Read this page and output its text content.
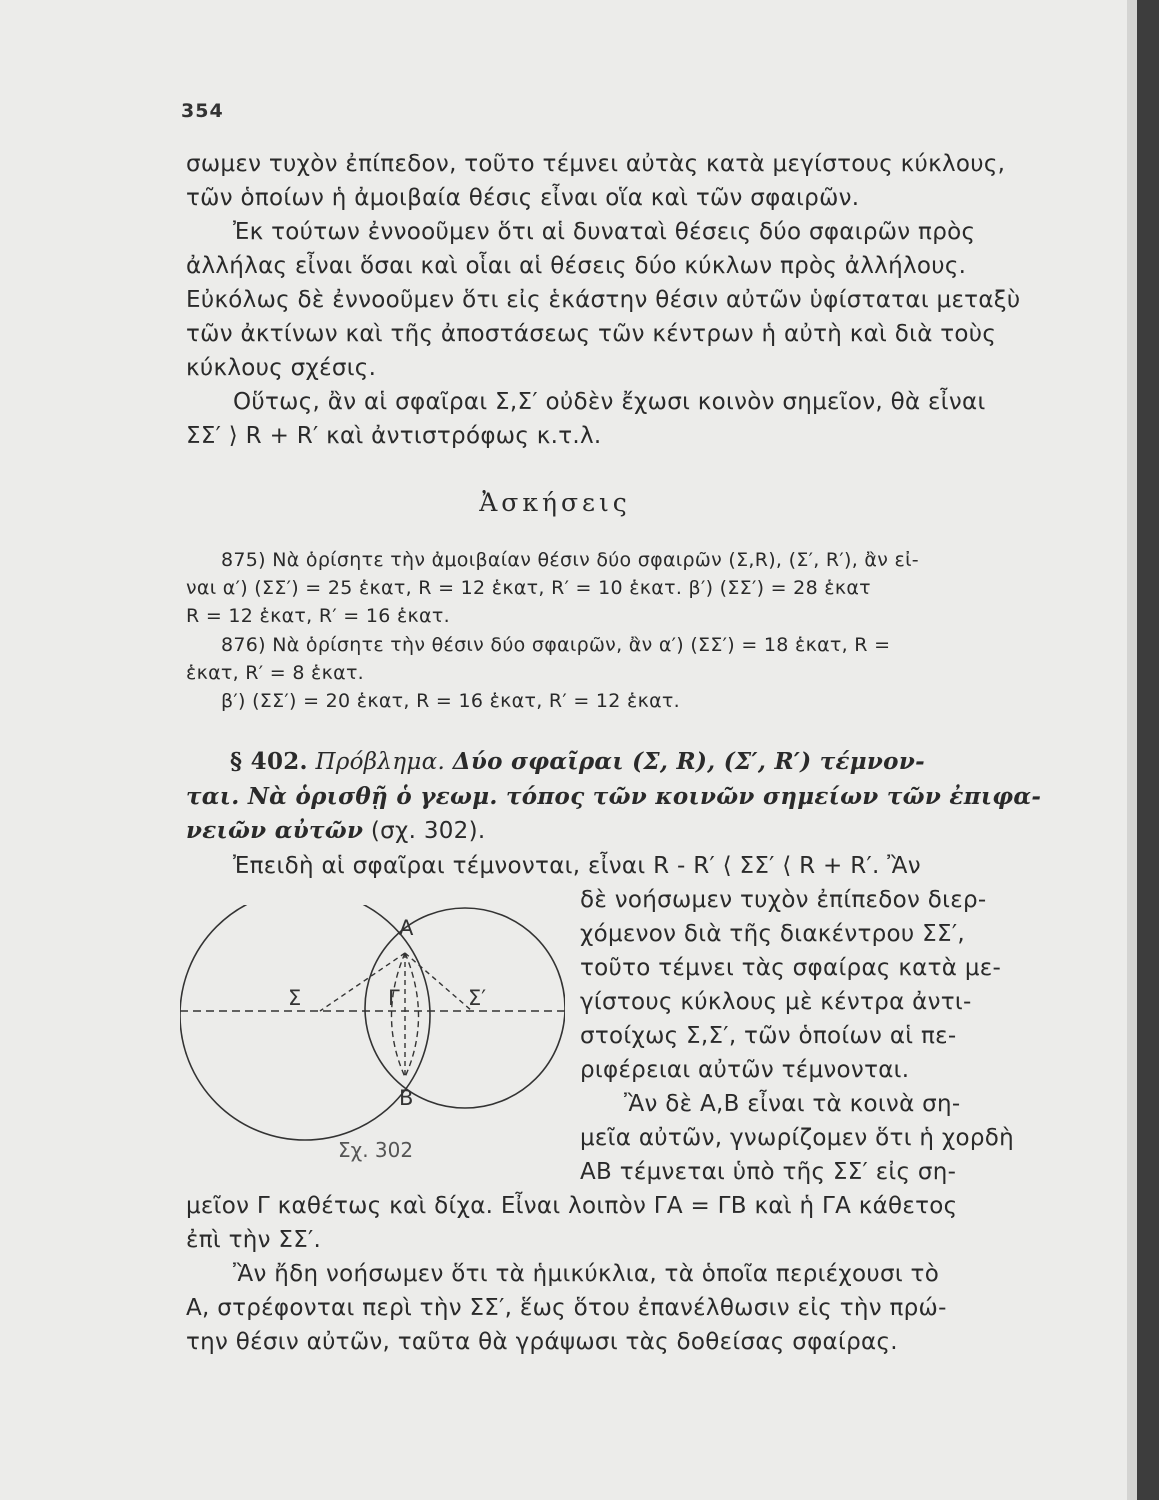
354
σωμεν τυχὸν ἐπίπεδον, τοῦτο τέμνει αὐτὰς κατὰ μεγίστους κύκλους,
τῶν ὁποίων ἡ ἀμοιβαία θέσις εἶναι οἵα καὶ τῶν σφαιρῶν.
Ἐκ τούτων ἐννοοῦμεν ὅτι αἱ δυναταὶ θέσεις δύο σφαιρῶν πρὸς
ἀλλήλας εἶναι ὅσαι καὶ οἷαι αἱ θέσεις δύο κύκλων πρὸς ἀλλήλους.
Εὐκόλως δὲ ἐννοοῦμεν ὅτι εἰς ἑκάστην θέσιν αὐτῶν ὑφίσταται μεταξὺ
τῶν ἀκτίνων καὶ τῆς ἀποστάσεως τῶν κέντρων ἡ αὐτὴ καὶ διὰ τοὺς
κύκλους σχέσις.
Οὕτως, ἂν αἱ σφαῖραι Σ,Σ′ οὐδὲν ἔχωσι κοινὸν σημεῖον, θὰ εἶναι
ΣΣ′ ⟩ R + R′ καὶ ἀντιστρόφως κ.τ.λ.
Ἀσκήσεις
875) Νὰ ὁρίσητε τὴν ἀμοιβαίαν θέσιν δύο σφαιρῶν (Σ,R), (Σ′, R′), ἂν εἰ-
ναι α′) (ΣΣ′) = 25 ἑκατ, R = 12 ἑκατ, R′ = 10 ἑκατ. β′) (ΣΣ′) = 28 ἑκατ
R = 12 ἑκατ, R′ = 16 ἑκατ.
876) Νὰ ὁρίσητε τὴν θέσιν δύο σφαιρῶν, ἂν α′) (ΣΣ′) = 18 ἑκατ, R =
ἑκατ, R′ = 8 ἑκατ.
β′) (ΣΣ′) = 20 ἑκατ, R = 16 ἑκατ, R′ = 12 ἑκατ.
§ 402. Πρόβλημα. Δύο σφαῖραι (Σ, R), (Σ′, R′) τέμνον-
ται. Νὰ ὁρισθῇ ὁ γεωμ. τόπος τῶν κοινῶν σημείων τῶν ἐπιφα-
νειῶν αὐτῶν (σχ. 302).
Ἐπειδὴ αἱ σφαῖραι τέμνονται, εἶναι R - R′ ⟨ ΣΣ′ ⟨ R + R′. Ἂν
δὲ νοήσωμεν τυχὸν ἐπίπεδον διερ-
χόμενον διὰ τῆς διακέντρου ΣΣ′,
τοῦτο τέμνει τὰς σφαίρας κατὰ με-
γίστους κύκλους μὲ κέντρα ἀντι-
στοίχως Σ,Σ′, τῶν ὁποίων αἱ πε-
ριφέρειαι αὐτῶν τέμνονται.
Ἂν δὲ Α,Β εἶναι τὰ κοινὰ ση-
μεῖα αὐτῶν, γνωρίζομεν ὅτι ἡ χορδὴ
ΑΒ τέμνεται ὑπὸ τῆς ΣΣ′ εἰς ση-
A
B
Γ
Σ	Σ′
Σχ. 302
μεῖον Γ καθέτως καὶ δίχα. Εἶναι λοιπὸν ΓΑ = ΓΒ καὶ ἡ ΓΑ κάθετος
ἐπὶ τὴν ΣΣ′.
Ἂν ἤδη νοήσωμεν ὅτι τὰ ἡμικύκλια, τὰ ὁποῖα περιέχουσι τὸ
Α, στρέφονται περὶ τὴν ΣΣ′, ἕως ὅτου ἐπανέλθωσιν εἰς τὴν πρώ-
την θέσιν αὐτῶν, ταῦτα θὰ γράψωσι τὰς δοθείσας σφαίρας.
